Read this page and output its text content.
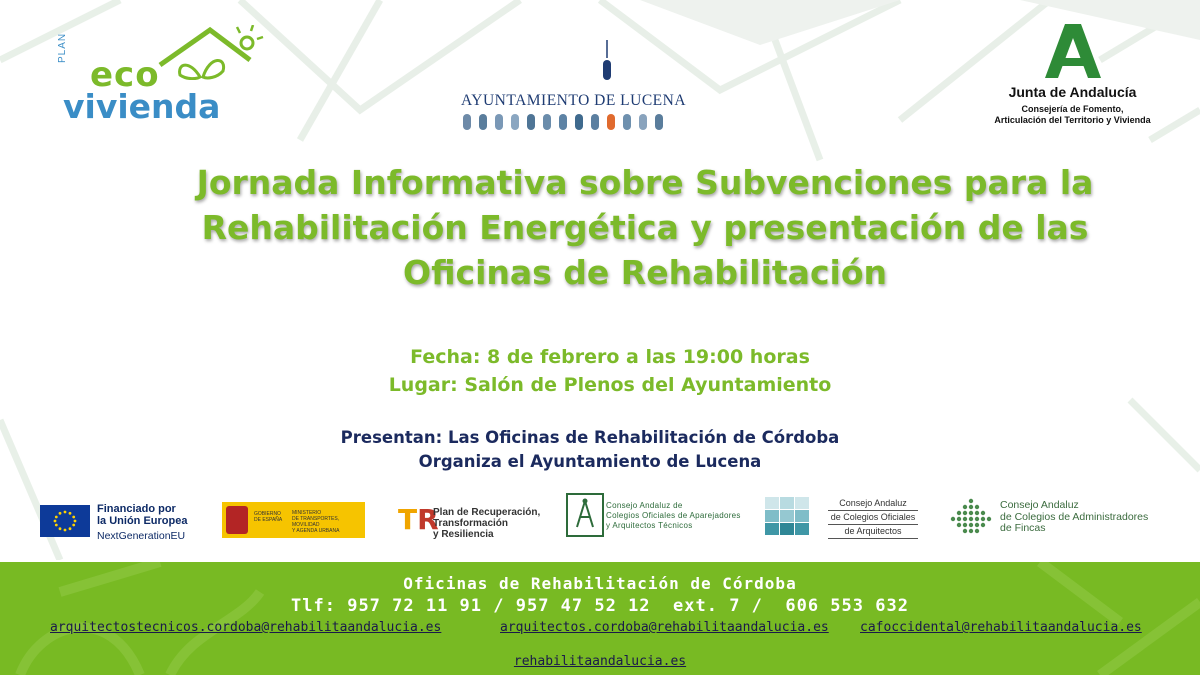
PLAN
eco
vivienda	AYUNTAMIENTO DE LUCENA	Junta de Andalucía
Consejería de Fomento,
Articulación del Territorio y Vivienda
Jornada Informativa sobre Subvenciones para la
Rehabilitación Energética y presentación de las
Oficinas de Rehabilitación
Fecha: 8 de febrero a las 19:00 horas
Lugar: Salón de Plenos del Ayuntamiento
Presentan: Las Oficinas de Rehabilitación de Córdoba
Organiza el Ayuntamiento de Lucena
Financiado por
la Unión Europea
NextGenerationEU
GOBIERNO
DE ESPAÑA
MINISTERIO
DE TRANSPORTES, MOVILIDAD
Y AGENDA URBANA	TR
Plan de Recuperación,
Transformación
y Resiliencia
Consejo Andaluz de
Colegios Oficiales de Aparejadores
y Arquitectos Técnicos
Consejo Andaluz
de Colegios Oficiales
de Arquitectos
Consejo Andaluz
de Colegios de Administradores
de Fincas
Oficinas de Rehabilitación de Córdoba
Tlf: 957 72 11 91 / 957 47 52 12  ext. 7 /  606 553 632
arquitectostecnicos.cordoba@rehabilitaandalucia.es	arquitectos.cordoba@rehabilitaandalucia.es cafoccidental@rehabilitaandalucia.es
rehabilitaandalucia.es
